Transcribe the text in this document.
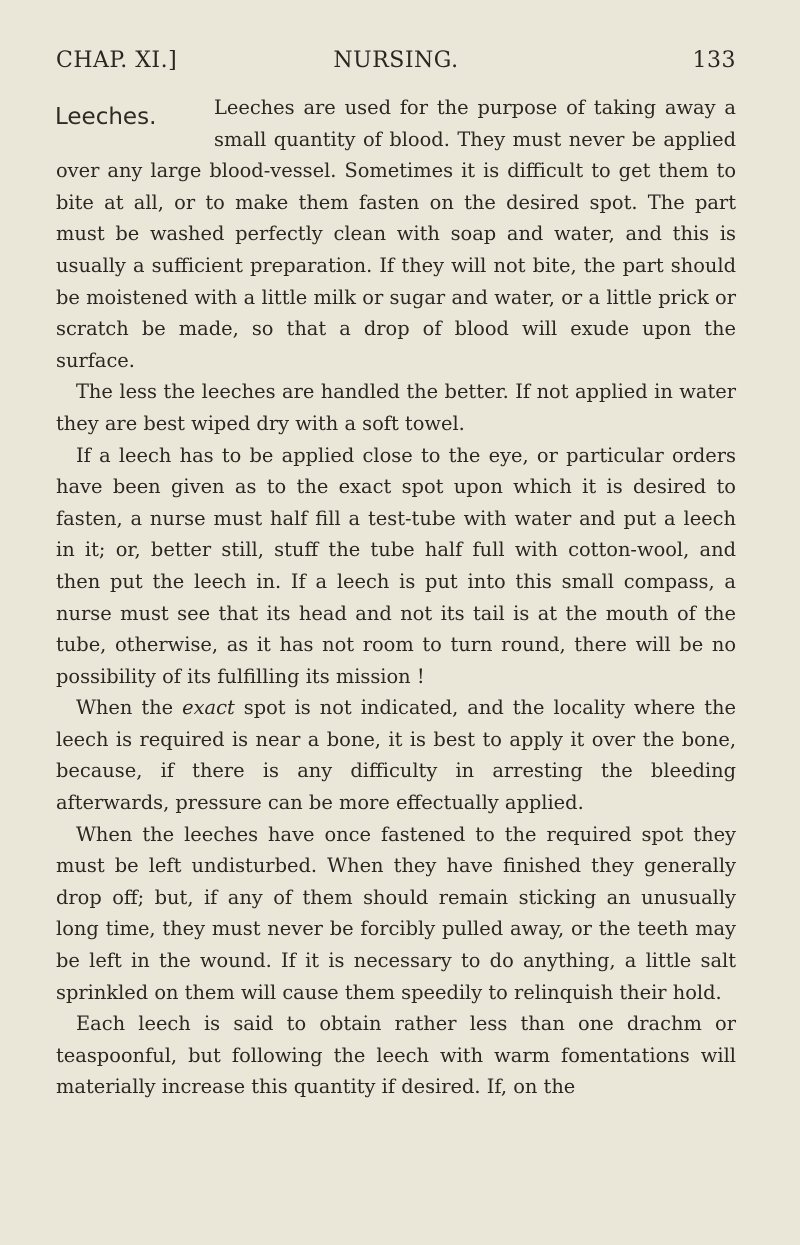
CHAP. XI.]	NURSING.	133
Leeches.	Leeches are used for the purpose of taking away a small quantity of blood. They must never be applied over any large blood-vessel. Sometimes it is difficult to get them to bite at all, or to make them fasten on the desired spot. The part must be washed perfectly clean with soap and water, and this is usually a sufficient preparation. If they will not bite, the part should be moistened with a little milk or sugar and water, or a little prick or scratch be made, so that a drop of blood will exude upon the surface.

The less the leeches are handled the better. If not applied in water they are best wiped dry with a soft towel.

If a leech has to be applied close to the eye, or particular orders have been given as to the exact spot upon which it is desired to fasten, a nurse must half fill a test-tube with water and put a leech in it; or, better still, stuff the tube half full with cotton-wool, and then put the leech in. If a leech is put into this small compass, a nurse must see that its head and not its tail is at the mouth of the tube, otherwise, as it has not room to turn round, there will be no possibility of its fulfilling its mission !

When the exact spot is not indicated, and the locality where the leech is required is near a bone, it is best to apply it over the bone, because, if there is any difficulty in arresting the bleeding afterwards, pressure can be more effectually applied.

When the leeches have once fastened to the required spot they must be left undisturbed. When they have finished they generally drop off; but, if any of them should remain sticking an unusually long time, they must never be forcibly pulled away, or the teeth may be left in the wound. If it is necessary to do anything, a little salt sprinkled on them will cause them speedily to relinquish their hold.

Each leech is said to obtain rather less than one drachm or teaspoonful, but following the leech with warm fomentations will materially increase this quantity if desired. If, on the
